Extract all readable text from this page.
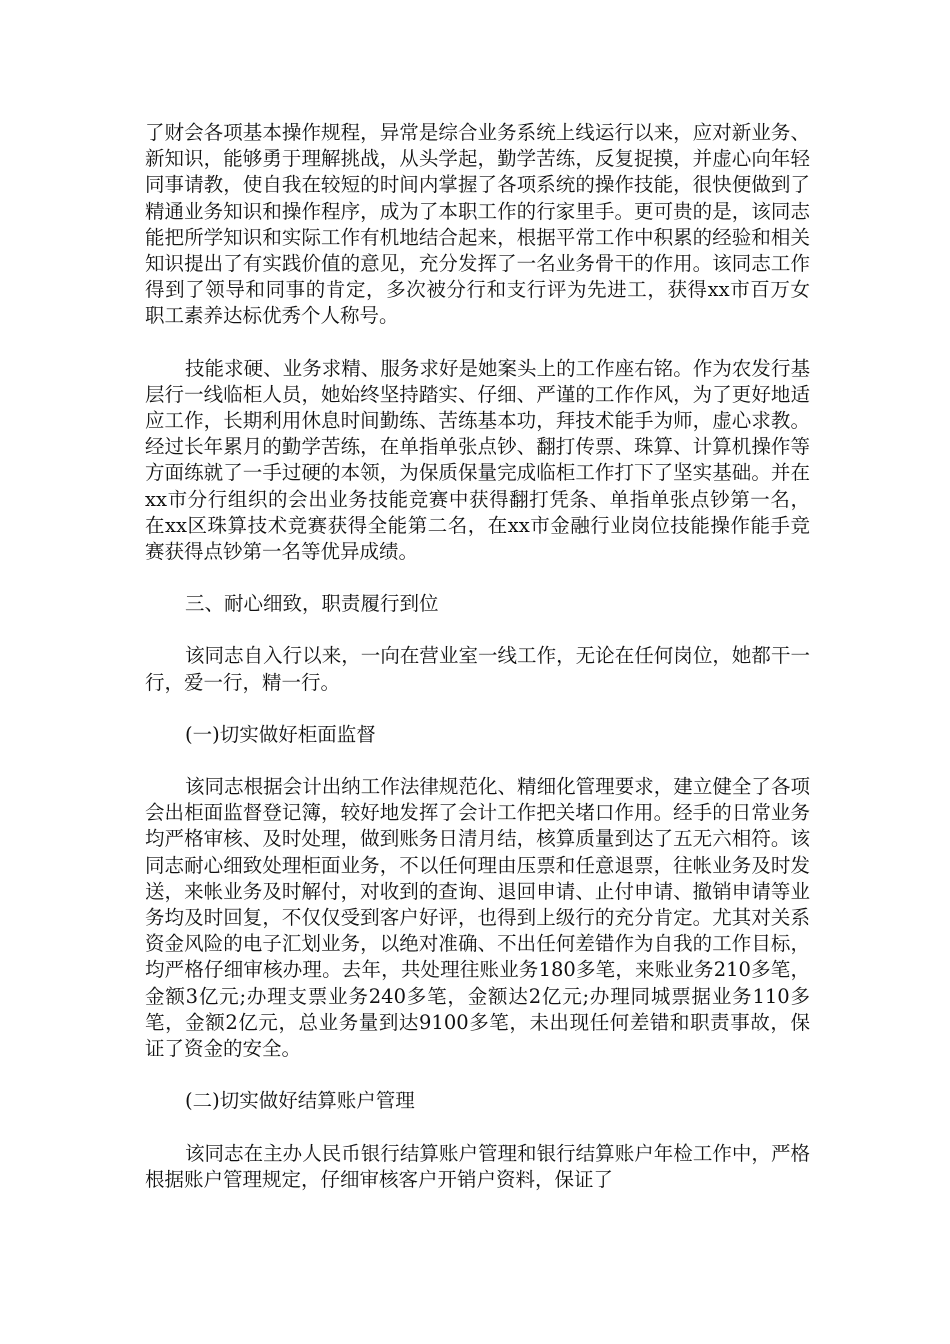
了财会各项基本操作规程，异常是综合业务系统上线运行以来，应对新业务、新知识，能够勇于理解挑战，从头学起，勤学苦练，反复捉摸，并虚心向年轻同事请教，使自我在较短的时间内掌握了各项系统的操作技能，很快便做到了精通业务知识和操作程序，成为了本职工作的行家里手。更可贵的是，该同志能把所学知识和实际工作有机地结合起来，根据平常工作中积累的经验和相关知识提出了有实践价值的意见，充分发挥了一名业务骨干的作用。该同志工作得到了领导和同事的肯定，多次被分行和支行评为先进工，获得xx市百万女职工素养达标优秀个人称号。

技能求硬、业务求精、服务求好是她案头上的工作座右铭。作为农发行基层行一线临柜人员，她始终坚持踏实、仔细、严谨的工作作风，为了更好地适应工作，长期利用休息时间勤练、苦练基本功，拜技术能手为师，虚心求教。经过长年累月的勤学苦练，在单指单张点钞、翻打传票、珠算、计算机操作等方面练就了一手过硬的本领，为保质保量完成临柜工作打下了坚实基础。并在xx市分行组织的会出业务技能竞赛中获得翻打凭条、单指单张点钞第一名，在xx区珠算技术竞赛获得全能第二名，在xx市金融行业岗位技能操作能手竞赛获得点钞第一名等优异成绩。

三、耐心细致，职责履行到位

该同志自入行以来，一向在营业室一线工作，无论在任何岗位，她都干一行，爱一行，精一行。

(一)切实做好柜面监督

该同志根据会计出纳工作法律规范化、精细化管理要求，建立健全了各项会出柜面监督登记簿，较好地发挥了会计工作把关堵口作用。经手的日常业务均严格审核、及时处理，做到账务日清月结，核算质量到达了五无六相符。该同志耐心细致处理柜面业务，不以任何理由压票和任意退票，往帐业务及时发送，来帐业务及时解付，对收到的查询、退回申请、止付申请、撤销申请等业务均及时回复，不仅仅受到客户好评，也得到上级行的充分肯定。尤其对关系资金风险的电子汇划业务，以绝对准确、不出任何差错作为自我的工作目标，均严格仔细审核办理。去年，共处理往账业务180多笔，来账业务210多笔，金额3亿元;办理支票业务240多笔，金额达2亿元;办理同城票据业务110多笔，金额2亿元，总业务量到达9100多笔，未出现任何差错和职责事故，保证了资金的安全。

(二)切实做好结算账户管理

该同志在主办人民币银行结算账户管理和银行结算账户年检工作中，严格根据账户管理规定，仔细审核客户开销户资料，保证了
